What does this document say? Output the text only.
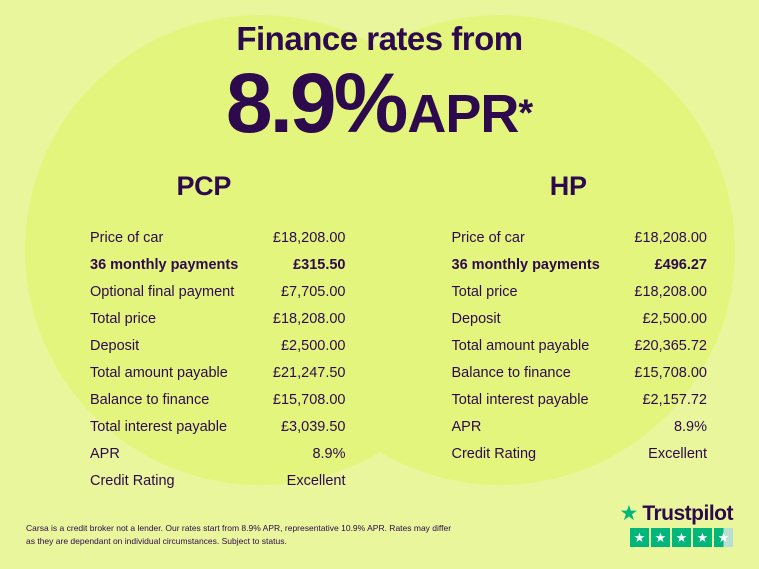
Finance rates from
8.9%APR*
PCP
Price of car	£18,208.00
36 monthly payments	£315.50
Optional final payment	£7,705.00
Total price	£18,208.00
Deposit	£2,500.00
Total amount payable	£21,247.50
Balance to finance	£15,708.00
Total interest payable	£3,039.50
APR	8.9%
Credit Rating	Excellent
HP
Price of car	£18,208.00
36 monthly payments	£496.27
Total price	£18,208.00
Deposit	£2,500.00
Total amount payable	£20,365.72
Balance to finance	£15,708.00
Total interest payable	£2,157.72
APR	8.9%
Credit Rating	Excellent
Carsa is a credit broker not a lender. Our rates start from 8.9% APR, representative 10.9% APR. Rates may differ as they are dependant on individual circumstances. Subject to status.
★ Trustpilot
★ ★ ★ ★ ★
